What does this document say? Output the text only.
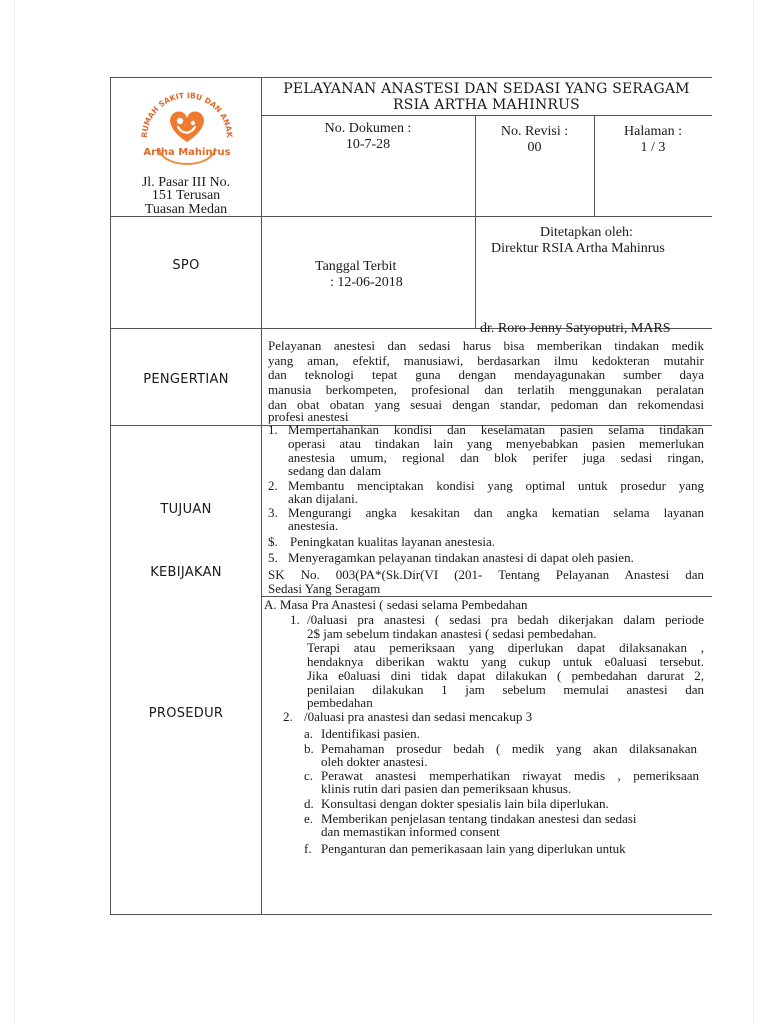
RUMAH SAKIT IBU DAN ANAK
Artha Mahinrus
Jl. Pasar III No.
151 Terusan
Tuasan Medan
PELAYANAN ANASTESI DAN SEDASI YANG SERAGAM
RSIA ARTHA MAHINRUS
No. Dokumen :
10-7-28
No. Revisi :
00
Halaman :
1 / 3
SPO	Tanggal Terbit
: 12-06-2018
Ditetapkan oleh:
Direktur RSIA Artha Mahinrus
dr. Roro Jenny Satyoputri, MARS
PENGERTIAN
Pelayanan anestesi dan sedasi harus bisa memberikan tindakan medik
yang aman, efektif, manusiawi, berdasarkan ilmu kedokteran mutahir
dan teknologi tepat guna dengan mendayagunakan sumber daya
manusia berkompeten, profesional dan terlatih menggunakan peralatan
dan obat obatan yang sesuai dengan standar, pedoman dan rekomendasi
profesi anestesi
TUJUAN
1. Mempertahankan kondisi dan keselamatan pasien selama tindakan
operasi atau tindakan lain yang menyebabkan pasien memerlukan
anestesia umum, regional dan blok perifer juga sedasi ringan,
sedang dan dalam
2. Membantu menciptakan kondisi yang optimal untuk prosedur yang
akan dijalani.
3. Mengurangi angka kesakitan dan angka kematian selama layanan
anestesia.
$. Peningkatan kualitas layanan anestesia.
5. Menyeragamkan pelayanan tindakan anastesi di dapat oleh pasien.
KEBIJAKAN	SK No. 003(PA*(Sk.Dir(VI (201- Tentang Pelayanan Anastesi dan
Sedasi Yang Seragam
PROSEDUR
A. Masa Pra Anastesi ( sedasi selama Pembedahan
1. /0aluasi pra anastesi ( sedasi pra bedah dikerjakan dalam periode
2$ jam sebelum tindakan anastesi ( sedasi pembedahan.
Terapi atau pemeriksaan yang diperlukan dapat dilaksanakan ,
hendaknya diberikan waktu yang cukup untuk e0aluasi tersebut.
Jika e0aluasi dini tidak dapat dilakukan ( pembedahan darurat 2,
penilaian dilakukan 1 jam sebelum memulai anastesi dan
pembedahan
2. /0aluasi pra anastesi dan sedasi mencakup 3
a. Identifikasi pasien.
b. Pemahaman prosedur bedah ( medik yang akan dilaksanakan
oleh dokter anastesi.
c. Perawat anastesi memperhatikan riwayat medis , pemeriksaan
klinis rutin dari pasien dan pemeriksaan khusus.
d. Konsultasi dengan dokter spesialis lain bila diperlukan.
e. Memberikan penjelasan tentang tindakan anestesi dan sedasi
dan memastikan informed consent
f. Penganturan dan pemerikasaan lain yang diperlukan untuk
